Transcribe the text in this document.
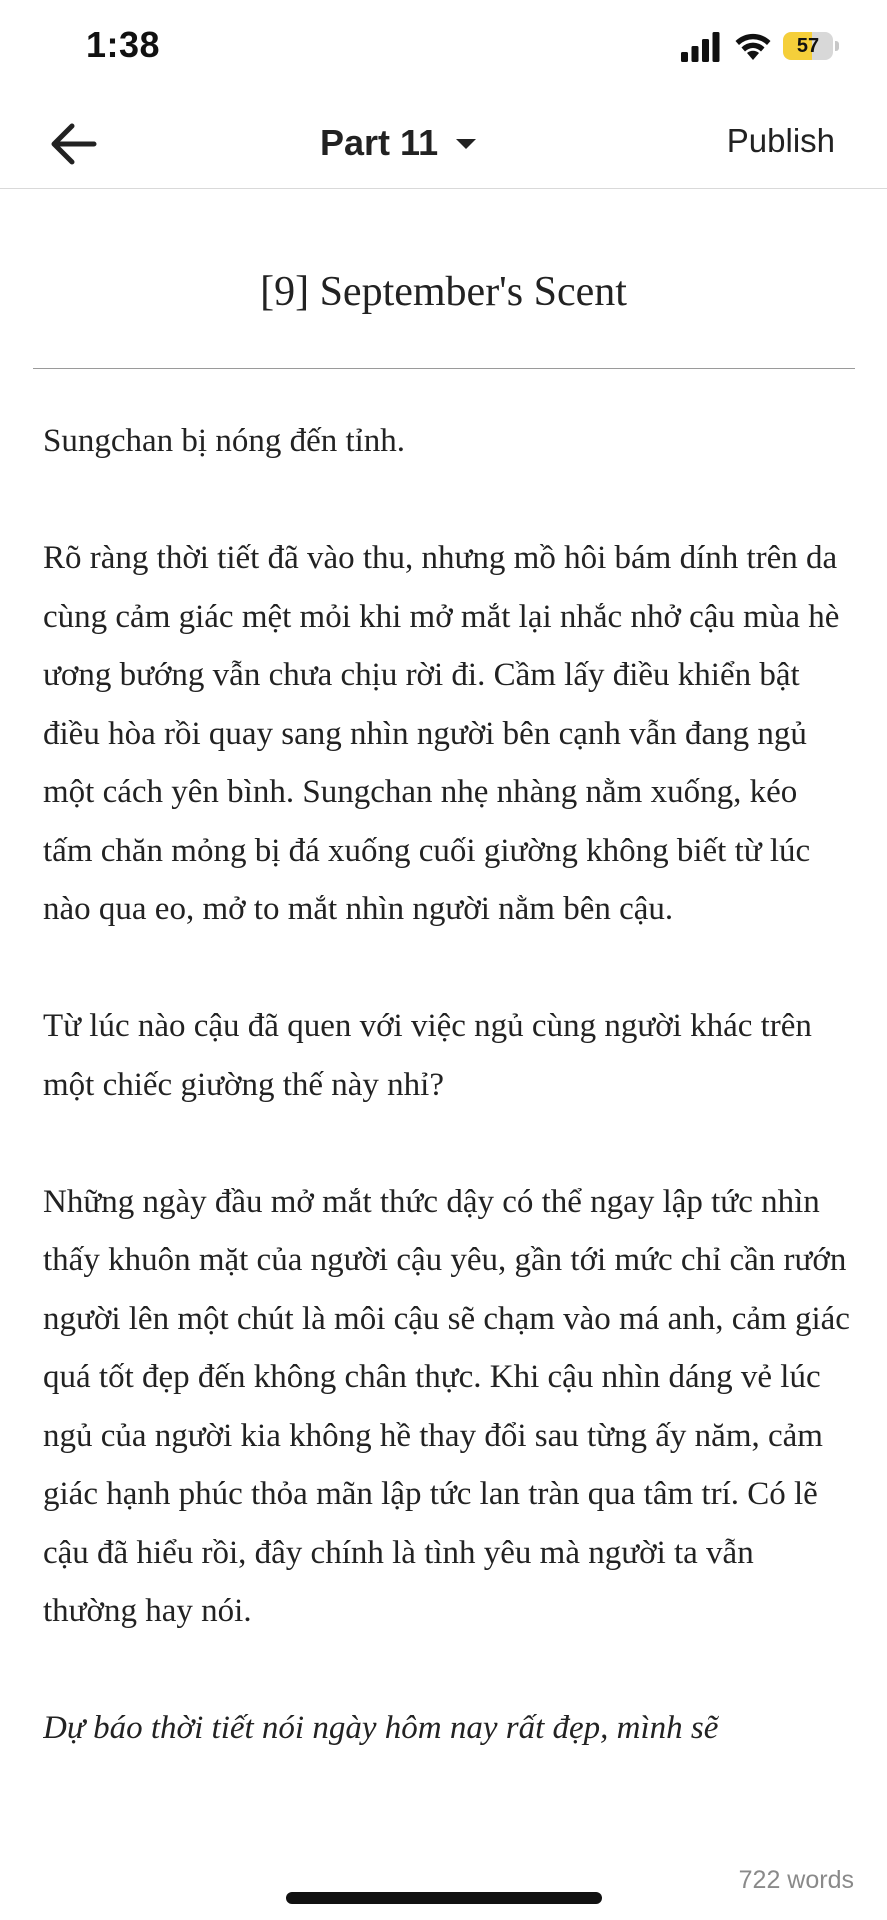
1:38	57
Part 11	Publish
[9] September's Scent

Sungchan bị nóng đến tỉnh.

Rõ ràng thời tiết đã vào thu, nhưng mồ hôi bám dính trên da cùng cảm giác mệt mỏi khi mở mắt lại nhắc nhở cậu mùa hè ương bướng vẫn chưa chịu rời đi. Cầm lấy điều khiển bật điều hòa rồi quay sang nhìn người bên cạnh vẫn đang ngủ một cách yên bình. Sungchan nhẹ nhàng nằm xuống, kéo tấm chăn mỏng bị đá xuống cuối giường không biết từ lúc nào qua eo, mở to mắt nhìn người nằm bên cậu.

Từ lúc nào cậu đã quen với việc ngủ cùng người khác trên một chiếc giường thế này nhỉ?

Những ngày đầu mở mắt thức dậy có thể ngay lập tức nhìn thấy khuôn mặt của người cậu yêu, gần tới mức chỉ cần rướn người lên một chút là môi cậu sẽ chạm vào má anh, cảm giác quá tốt đẹp đến không chân thực. Khi cậu nhìn dáng vẻ lúc ngủ của người kia không hề thay đổi sau từng ấy năm, cảm giác hạnh phúc thỏa mãn lập tức lan tràn qua tâm trí. Có lẽ cậu đã hiểu rồi, đây chính là tình yêu mà người ta vẫn thường hay nói.

Dự báo thời tiết nói ngày hôm nay rất đẹp, mình sẽ

722 words
